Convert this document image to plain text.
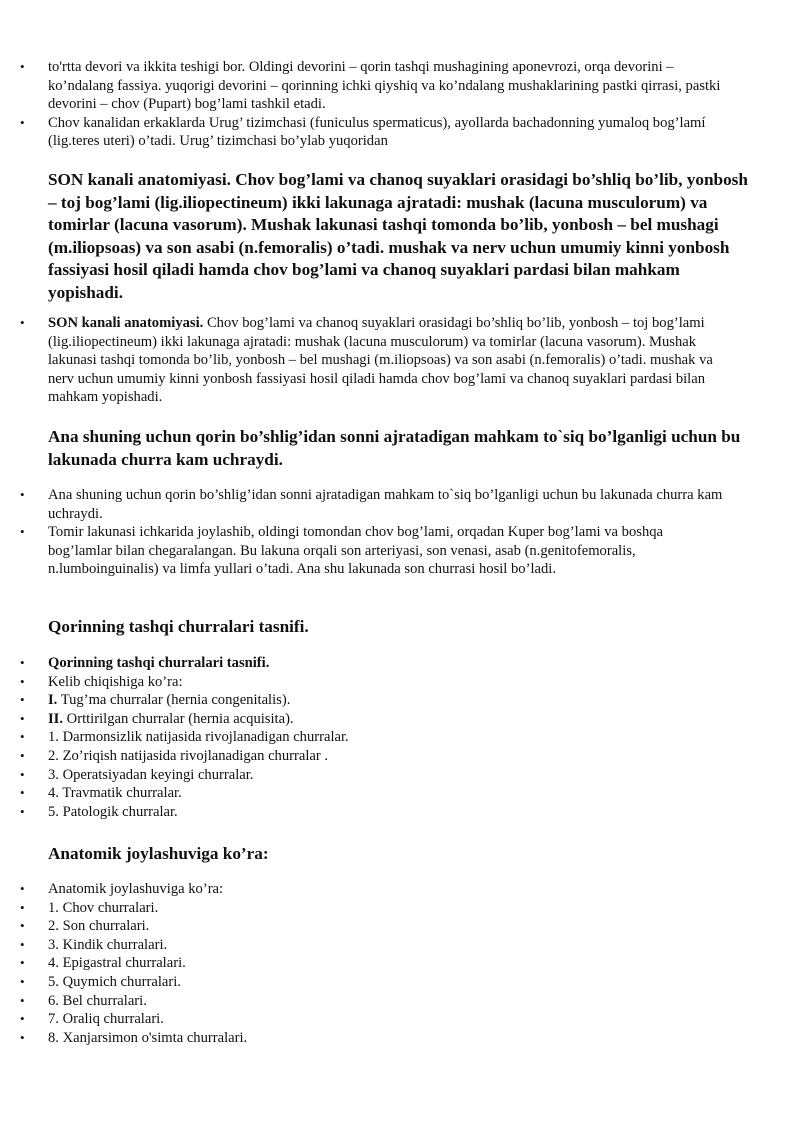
• to'rtta devori va ikkita teshigi bor. Oldingi devorini – qorin tashqi mushagining aponevrozi, orqa devorini – ko’ndalang fassiya. yuqorigi devorini – qorinning ichki qiyshiq va ko’ndalang mushaklarining pastki qirrasi, pastki devorini – chov (Pupart) bog’lami tashkil etadi.
• Chov kanalidan erkaklarda Urug’ tizimchasi (funiculus spermaticus), ayollarda bachadonning yumaloq bog’lamí (lig.teres uteri) o’tadi. Urug’ tizimchasi bo’ylab yuqoridan
SON kanali anatomiyasi. Chov bog’lami va chanoq suyaklari orasidagi bo’shliq bo’lib, yonbosh – toj bog’lami (lig.iliopectineum) ikki lakunaga ajratadi: mushak (lacuna musculorum) va tomirlar (lacuna vasorum). Mushak lakunasi tashqi tomonda bo’lib, yonbosh – bel mushagi (m.iliopsoas) va son asabi (n.femoralis) o’tadi. mushak va nerv uchun umumiy kinni yonbosh fassiyasi hosil qiladi hamda chov bog’lami va chanoq suyaklari pardasi bilan mahkam yopishadi.
• SON kanali anatomiyasi. Chov bog’lami va chanoq suyaklari orasidagi bo’shliq bo’lib, yonbosh – toj bog’lami (lig.iliopectineum) ikki lakunaga ajratadi: mushak (lacuna musculorum) va tomirlar (lacuna vasorum). Mushak lakunasi tashqi tomonda bo’lib, yonbosh – bel mushagi (m.iliopsoas) va son asabi (n.femoralis) o’tadi. mushak va nerv uchun umumiy kinni yonbosh fassiyasi hosil qiladi hamda chov bog’lami va chanoq suyaklari pardasi bilan mahkam yopishadi.
Ana shuning uchun qorin bo’shlig’idan sonni ajratadigan mahkam to`siq bo’lganligi uchun bu lakunada churra kam uchraydi.
• Ana shuning uchun qorin bo’shlig’idan sonni ajratadigan mahkam to`siq bo’lganligi uchun bu lakunada churra kam uchraydi.
• Tomir lakunasi ichkarida joylashib, oldingi tomondan chov bog’lami, orqadan Kuper bog’lami va boshqa bog’lamlar bilan chegaralangan. Bu lakuna orqali son arteriyasi, son venasi, asab (n.genitofemoralis, n.lumboinguinalis) va limfa yullari o’tadi. Ana shu lakunada son churrasi hosil bo’ladi.
Qorinning tashqi churralari tasnifi.
• Qorinning tashqi churralari tasnifi.
• Kelib chiqishiga ko’ra:
• I. Tug’ma churralar (hernia congenitalis).
• II. Orttirilgan churralar (hernia acquisita).
• 1. Darmonsizlik natijasida rivojlanadigan churralar.
• 2. Zo’riqish natijasida rivojlanadigan churralar .
• 3. Operatsiyadan keyingi churralar.
• 4. Travmatik churralar.
• 5. Patologik churralar.
Anatomik joylashuviga ko’ra:
• Anatomik joylashuviga ko’ra:
• 1. Chov churralari.
• 2. Son churralari.
• 3. Kindik churralari.
• 4. Epigastral churralari.
• 5. Quymich churralari.
• 6. Bel churralari.
• 7. Oraliq churralari.
• 8. Xanjarsimon o'simta churralari.
